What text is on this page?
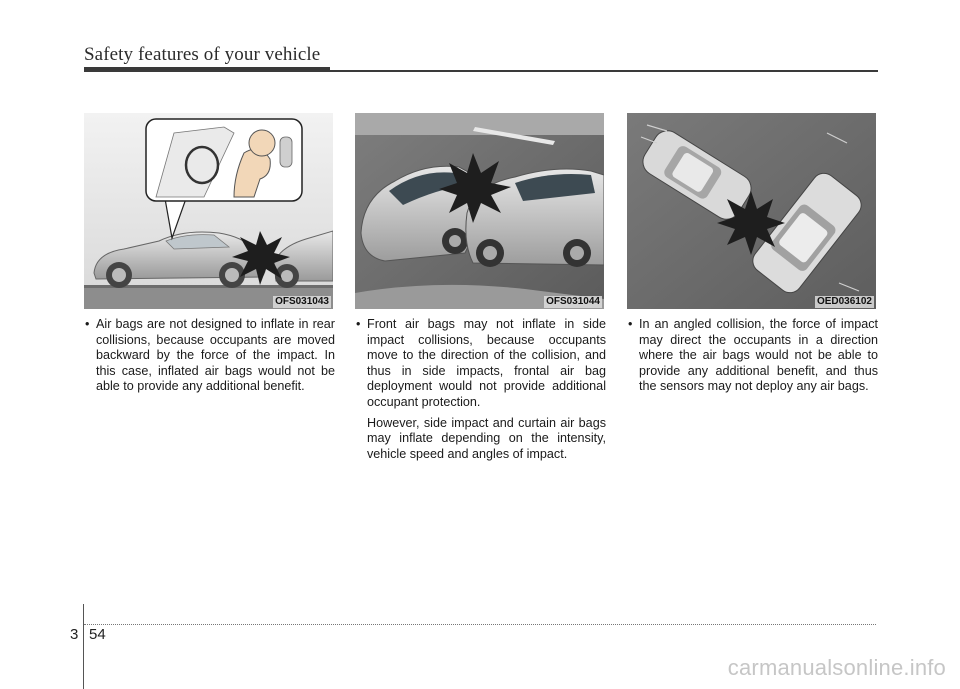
Safety features of your vehicle
OFS031043	OFS031044	OED036102
• Air bags are not designed to inflate in rear collisions, because occupants are moved backward by the force of the impact. In this case, inflated air bags would not be able to provide any additional benefit.
• Front air bags may not inflate in side impact collisions, because occupants move to the direction of the collision, and thus in side impacts, frontal air bag deployment would not provide additional occupant protection.
However, side impact and curtain air bags may inflate depending on the intensity, vehicle speed and angles of impact.
• In an angled collision, the force of impact may direct the occupants in a direction where the air bags would not be able to provide any additional benefit, and thus the sensors may not deploy any air bags.
3 54
carmanualsonline.info
